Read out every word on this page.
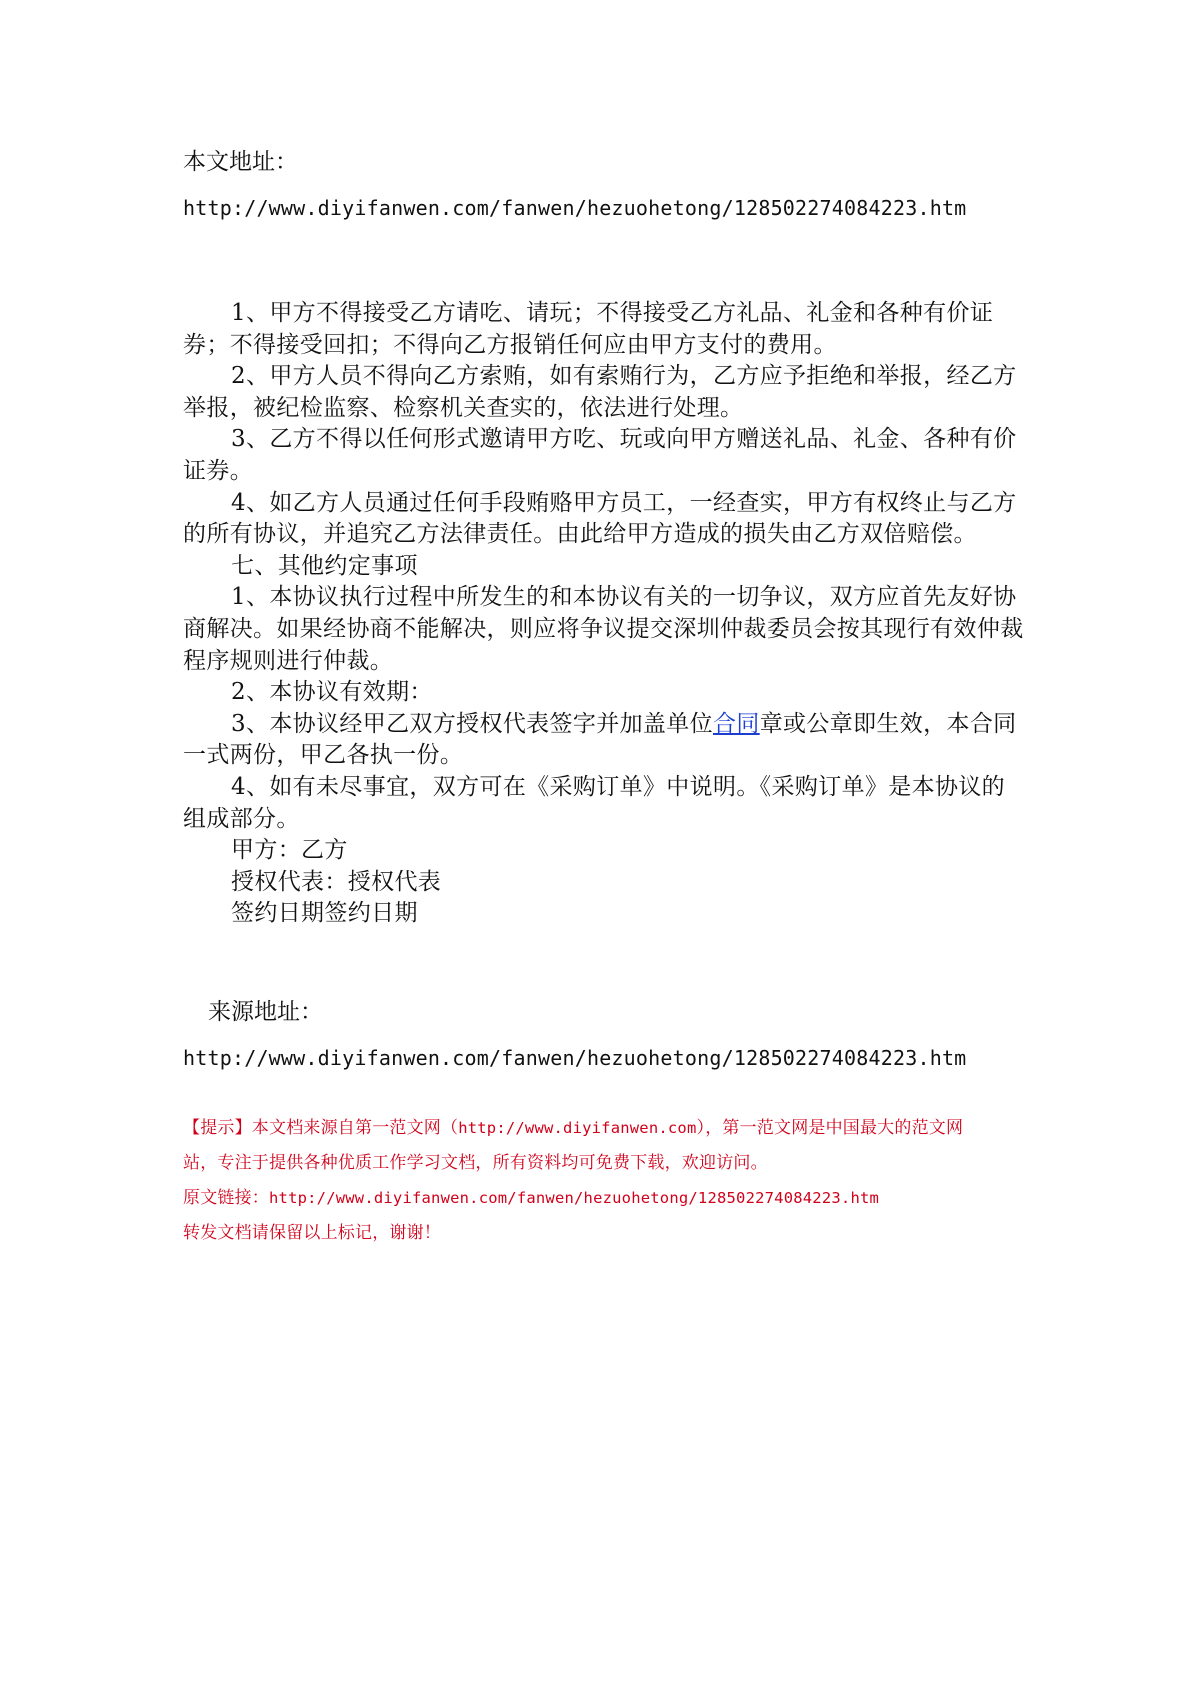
本文地址：
http://www.diyifanwen.com/fanwen/hezuohetong/128502274084223.htm

1、甲方不得接受乙方请吃、请玩；不得接受乙方礼品、礼金和各种有价证券；不得接受回扣；不得向乙方报销任何应由甲方支付的费用。

2、甲方人员不得向乙方索贿，如有索贿行为，乙方应予拒绝和举报，经乙方举报，被纪检监察、检察机关查实的，依法进行处理。

3、乙方不得以任何形式邀请甲方吃、玩或向甲方赠送礼品、礼金、各种有价证券。

4、如乙方人员通过任何手段贿赂甲方员工，一经查实，甲方有权终止与乙方的所有协议，并追究乙方法律责任。由此给甲方造成的损失由乙方双倍赔偿。

七、其他约定事项

1、本协议执行过程中所发生的和本协议有关的一切争议，双方应首先友好协商解决。如果经协商不能解决，则应将争议提交深圳仲裁委员会按其现行有效仲裁程序规则进行仲裁。

2、本协议有效期：

3、本协议经甲乙双方授权代表签字并加盖单位合同章或公章即生效，本合同一式两份，甲乙各执一份。

4、如有未尽事宜，双方可在《采购订单》中说明。《采购订单》是本协议的组成部分。

甲方：乙方

授权代表：授权代表

签约日期签约日期

来源地址：
http://www.diyifanwen.com/fanwen/hezuohetong/128502274084223.htm

【提示】本文档来源自第一范文网（http://www.diyifanwen.com），第一范文网是中国最大的范文网

站，专注于提供各种优质工作学习文档，所有资料均可免费下载，欢迎访问。

原文链接：http://www.diyifanwen.com/fanwen/hezuohetong/128502274084223.htm

转发文档请保留以上标记，谢谢！
